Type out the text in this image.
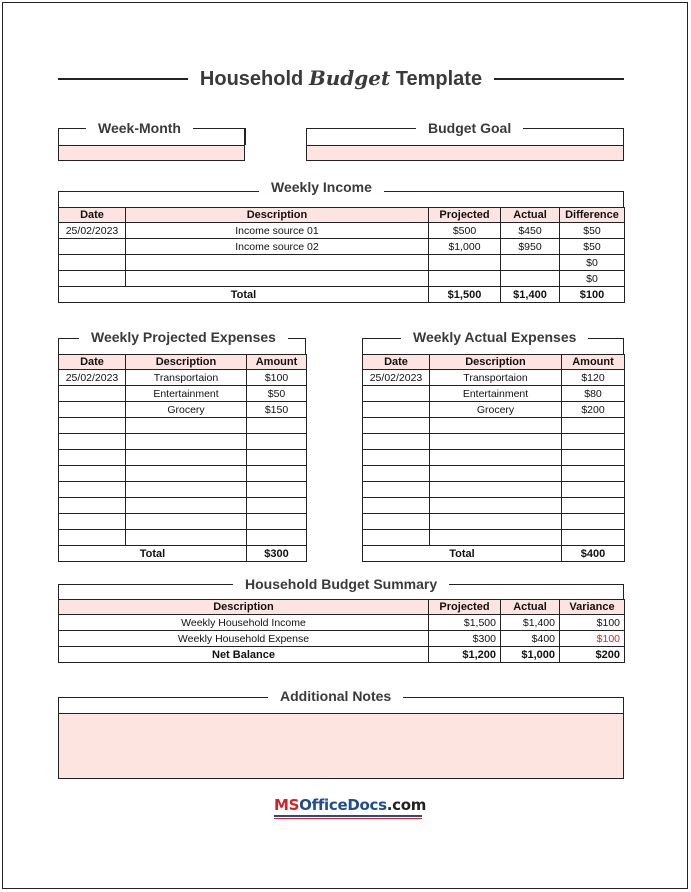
Household Budget Template
Week-Month	Budget Goal
Weekly Income
Date	Description	Projected	Actual	Difference
25/02/2023	Income source 01	$500	$450	$50
	Income source 02	$1,000	$950	$50
				$0
				$0
Total		$1,500	$1,400	$100
Weekly Projected Expenses
Date	Description	Amount
25/02/2023	Transportaion	$100
	Entertainment	$50
	Grocery	$150

Total		$300
Weekly Actual Expenses
Date	Description	Amount
25/02/2023	Transportaion	$120
	Entertainment	$80
	Grocery	$200

Total		$400
Household Budget Summary
Description	Projected	Actual	Variance
Weekly Household Income	$1,500	$1,400	$100
Weekly Household Expense	$300	$400	$100
Net Balance	$1,200	$1,000	$200
Additional Notes
MSOfficeDocs.com
